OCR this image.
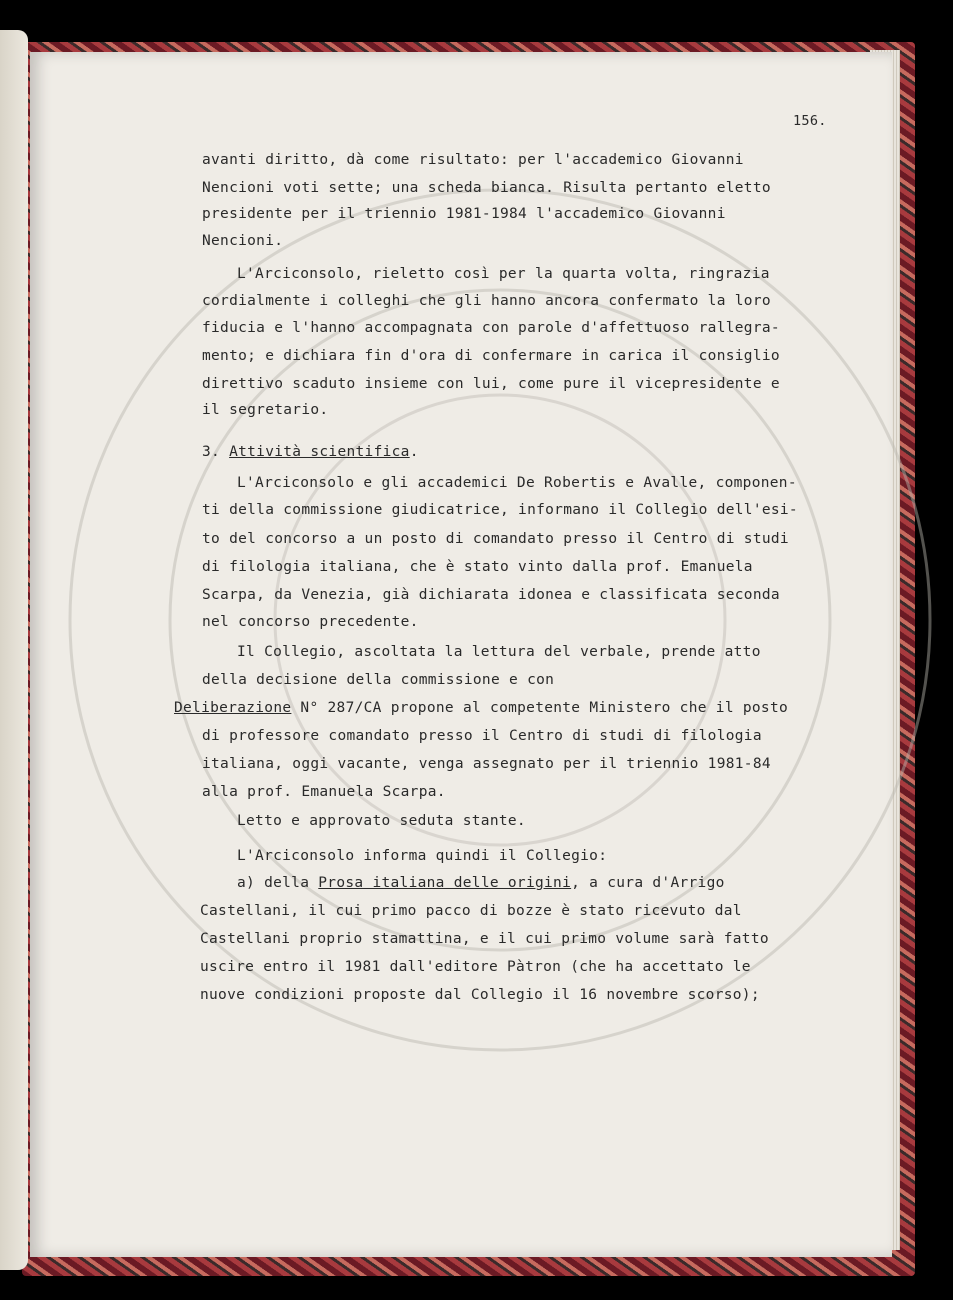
156.
avanti diritto, dà come risultato: per l'accademico Giovanni
Nencioni voti sette; una scheda bianca. Risulta pertanto eletto
presidente per il triennio 1981-1984 l'accademico Giovanni
Nencioni.
L'Arciconsolo, rieletto così per la quarta volta, ringrazia
cordialmente i colleghi che gli hanno ancora confermato la loro
fiducia e l'hanno accompagnata con parole d'affettuoso rallegra-
mento; e dichiara fin d'ora di confermare in carica il consiglio
direttivo scaduto insieme con lui, come pure il vicepresidente e
il segretario.
3. Attività scientifica.
L'Arciconsolo e gli accademici De Robertis e Avalle, componen-
ti della commissione giudicatrice, informano il Collegio dell'esi-
to del concorso a un posto di comandato presso il Centro di studi
di filologia italiana, che è stato vinto dalla prof. Emanuela
Scarpa, da Venezia, già dichiarata idonea e classificata seconda
nel concorso precedente.
Il Collegio, ascoltata la lettura del verbale, prende atto
della decisione della commissione e con
Deliberazione N° 287/CA propone al competente Ministero che il posto
di professore comandato presso il Centro di studi di filologia
italiana, oggi vacante, venga assegnato per il triennio 1981-84
alla prof. Emanuela Scarpa.
Letto e approvato seduta stante.
L'Arciconsolo informa quindi il Collegio:
a) della Prosa italiana delle origini, a cura d'Arrigo
Castellani, il cui primo pacco di bozze è stato ricevuto dal
Castellani proprio stamattina, e il cui primo volume sarà fatto
uscire entro il 1981 dall'editore Pàtron (che ha accettato le
nuove condizioni proposte dal Collegio il 16 novembre scorso);
